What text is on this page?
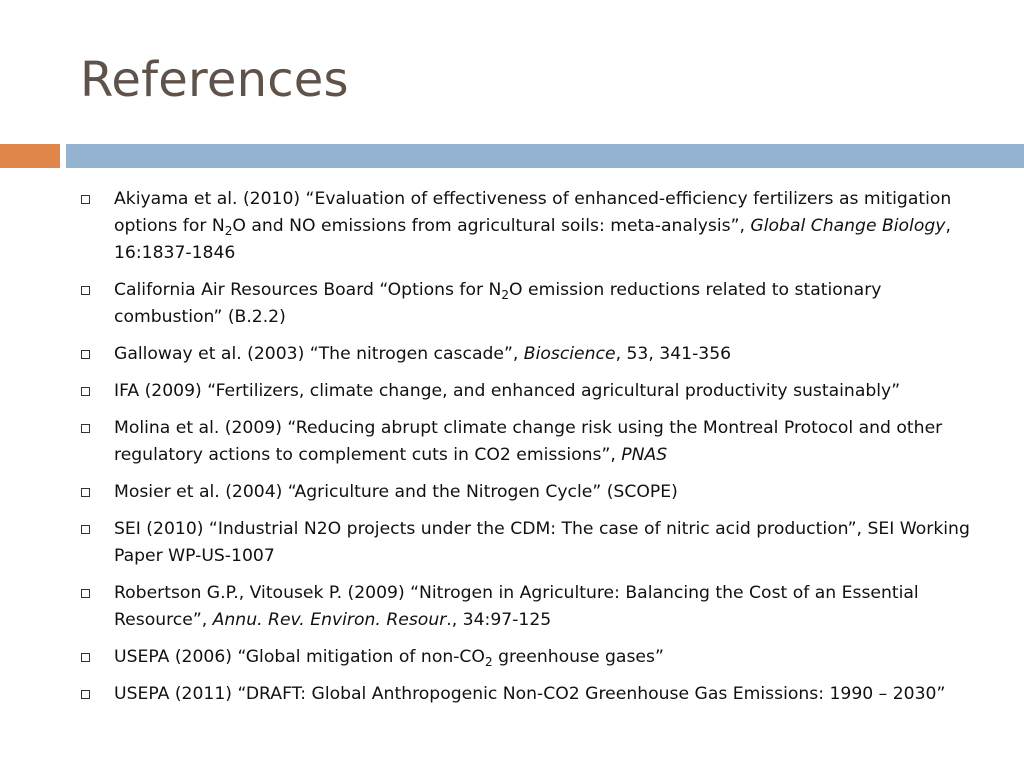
References
Akiyama et al. (2010) “Evaluation of effectiveness of enhanced-efficiency fertilizers as mitigation options for $N_2O$ and NO emissions from agricultural soils: meta-analysis”, Global Change Biology, 16:1837-1846
California Air Resources Board “Options for $N_2O$ emission reductions related to stationary combustion” (B.2.2)
Galloway et al. (2003) “The nitrogen cascade”, Bioscience, 53, 341-356
IFA (2009) “Fertilizers, climate change, and enhanced agricultural productivity sustainably”
Molina et al. (2009) “Reducing abrupt climate change risk using the Montreal Protocol and other regulatory actions to complement cuts in CO2 emissions”, PNAS
Mosier et al. (2004) “Agriculture and the Nitrogen Cycle” (SCOPE)
SEI (2010) “Industrial N2O projects under the CDM: The case of nitric acid production”, SEI Working Paper WP-US-1007
Robertson G.P., Vitousek P. (2009) “Nitrogen in Agriculture: Balancing the Cost of an Essential Resource”, Annu. Rev. Environ. Resour., 34:97-125
USEPA (2006) “Global mitigation of non-$CO_2$ greenhouse gases”
USEPA (2011) “DRAFT: Global Anthropogenic Non-CO2 Greenhouse Gas Emissions: 1990 – 2030”
